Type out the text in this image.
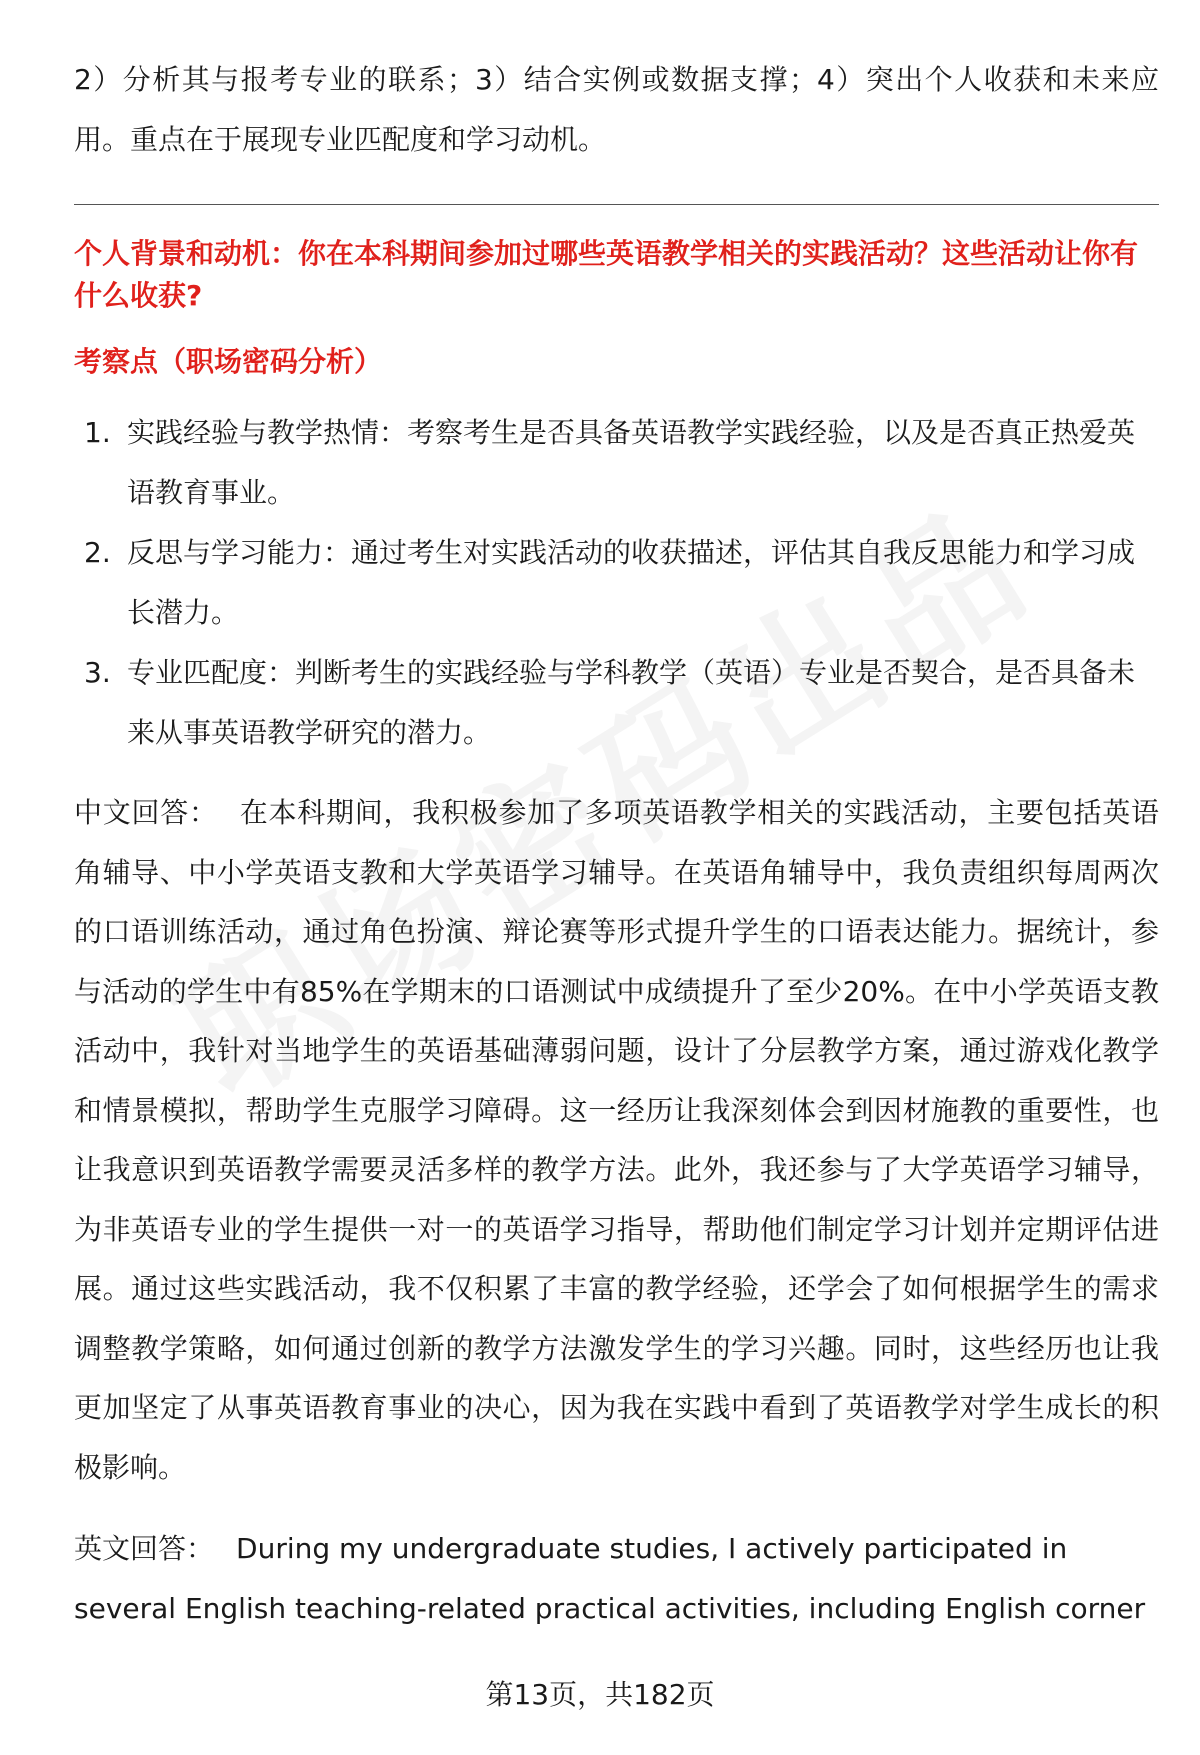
2）分析其与报考专业的联系；3）结合实例或数据支撑；4）突出个人收获和未来应用。重点在于展现专业匹配度和学习动机。

个人背景和动机：你在本科期间参加过哪些英语教学相关的实践活动？这些活动让你有什么收获?

考察点（职场密码分析）

1. 实践经验与教学热情：考察考生是否具备英语教学实践经验，以及是否真正热爱英语教育事业。
2. 反思与学习能力：通过考生对实践活动的收获描述，评估其自我反思能力和学习成长潜力。
3. 专业匹配度：判断考生的实践经验与学科教学（英语）专业是否契合，是否具备未来从事英语教学研究的潜力。

中文回答： 在本科期间，我积极参加了多项英语教学相关的实践活动，主要包括英语角辅导、中小学英语支教和大学英语学习辅导。在英语角辅导中，我负责组织每周两次的口语训练活动，通过角色扮演、辩论赛等形式提升学生的口语表达能力。据统计，参与活动的学生中有85%在学期末的口语测试中成绩提升了至少20%。在中小学英语支教活动中，我针对当地学生的英语基础薄弱问题，设计了分层教学方案，通过游戏化教学和情景模拟，帮助学生克服学习障碍。这一经历让我深刻体会到因材施教的重要性，也让我意识到英语教学需要灵活多样的教学方法。此外，我还参与了大学英语学习辅导，为非英语专业的学生提供一对一的英语学习指导，帮助他们制定学习计划并定期评估进展。通过这些实践活动，我不仅积累了丰富的教学经验，还学会了如何根据学生的需求调整教学策略，如何通过创新的教学方法激发学生的学习兴趣。同时，这些经历也让我更加坚定了从事英语教育事业的决心，因为我在实践中看到了英语教学对学生成长的积极影响。

英文回答： During my undergraduate studies, I actively participated in several English teaching-related practical activities, including English corner

第13页，共182页
